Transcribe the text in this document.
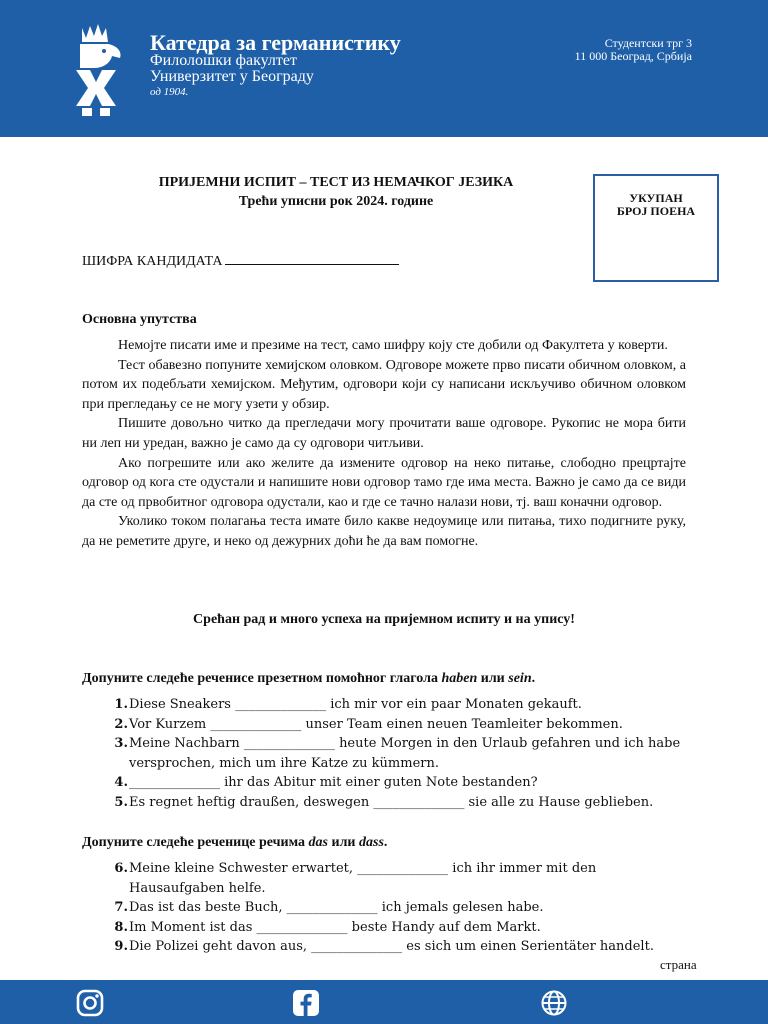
Катедра за германистику
Филолошки факултет
Универзитет у Београду
од 1904.
Студентски трг 3
11 000 Београд, Србија
ПРИЈЕМНИ ИСПИТ – ТЕСТ ИЗ НЕМАЧКОГ ЈЕЗИКА
Трећи уписни рок 2024. године	УКУПАН
БРОЈ ПОЕНА
ШИФРА КАНДИДАТА
Основна упутства

Немојте писати име и презиме на тест, само шифру коју сте добили од Факултета у коверти.

Тест обавезно попуните хемијском оловком. Одговоре можете прво писати обичном оловком, а потом их подебљати хемијском. Међутим, одговори који су написани искључиво обичном оловком при прегледању се не могу узети у обзир.

Пишите довољно читко да прегледачи могу прочитати ваше одговоре. Рукопис не мора бити ни леп ни уредан, важно је само да су одговори читљиви.

Ако погрешите или ако желите да измените одговор на неко питање, слободно прецртајте одговор од кога сте одустали и напишите нови одговор тамо где има места. Важно је само да се види да сте од првобитног одговора одустали, као и где се тачно налази нови, тј. ваш коначни одговор.

Уколико током полагања теста имате било какве недоумице или питања, тихо подигните руку, да не реметите друге, и неко од дежурних доћи ће да вам помогне.

Срећан рад и много успеха на пријемном испиту и на упису!
Допуните следеће реченисе презетном помоћног глагола haben или sein.
1. Diese Sneakers ______________ ich mir vor ein paar Monaten gekauft.
2. Vor Kurzem ______________ unser Team einen neuen Teamleiter bekommen.
3. Meine Nachbarn ______________ heute Morgen in den Urlaub gefahren und ich habe versprochen, mich um ihre Katze zu kümmern.
4. ______________ ihr das Abitur mit einer guten Note bestanden?
5. Es regnet heftig draußen, deswegen ______________ sie alle zu Hause geblieben.
Допуните следеће реченице речима das или dass.
6. Meine kleine Schwester erwartet, ______________ ich ihr immer mit den Hausaufgaben helfe.
7. Das ist das beste Buch, ______________ ich jemals gelesen habe.
8. Im Moment ist das ______________ beste Handy auf dem Markt.
9. Die Polizei geht davon aus, ______________ es sich um einen Serientäter handelt.
страна
